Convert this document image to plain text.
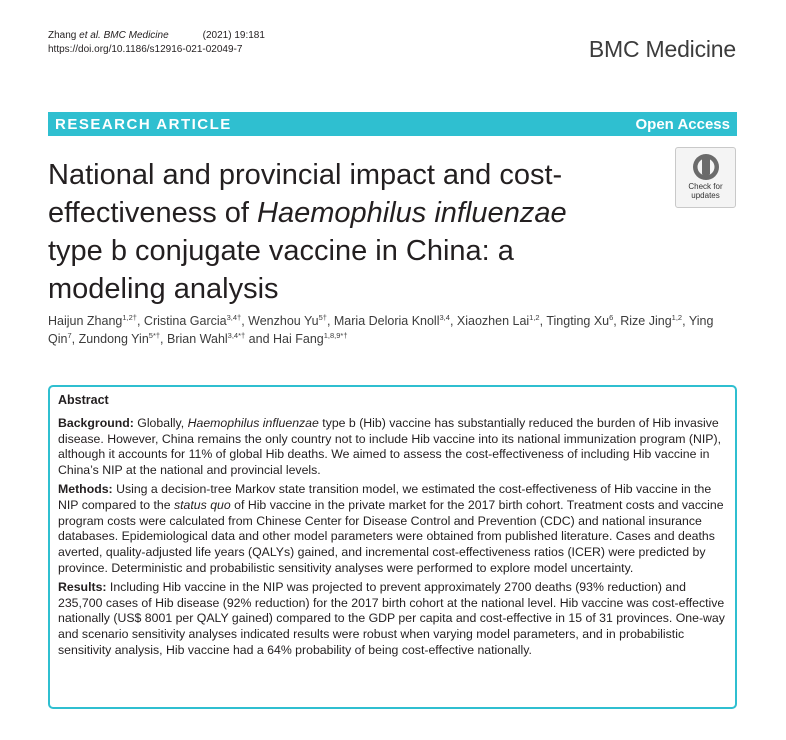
Zhang et al. BMC Medicine	(2021) 19:181
https://doi.org/10.1186/s12916-021-02049-7	BMC Medicine
RESEARCH ARTICLE	Open Access
National and provincial impact and cost-effectiveness of Haemophilus influenzae type b conjugate vaccine in China: a modeling analysis
Check for
updates
Haijun Zhang$^{1,2\dagger}$, Cristina Garcia$^{3,4\dagger}$, Wenzhou $Yu^{5\dagger}$, Maria Deloria Knoll$^{3,4}$, Xiaozhen Lai$^{1,2}$, Tingting Xu$^6$, Rize Jing$^{1,2}$, Ying Qin$^7$, Zundong Yin$^{5*\dagger}$, Brian Wahl$^{3,4*\dagger}$ and Hai Fang$^{1,8,9*\dagger}$
Abstract

Background: Globally, Haemophilus influenzae type b (Hib) vaccine has substantially reduced the burden of Hib invasive disease. However, China remains the only country not to include Hib vaccine into its national immunization program (NIP), although it accounts for 11% of global Hib deaths. We aimed to assess the cost-effectiveness of including Hib vaccine in China’s NIP at the national and provincial levels.

Methods: Using a decision-tree Markov state transition model, we estimated the cost-effectiveness of Hib vaccine in the NIP compared to the status quo of Hib vaccine in the private market for the 2017 birth cohort. Treatment costs and vaccine program costs were calculated from Chinese Center for Disease Control and Prevention (CDC) and national insurance databases. Epidemiological data and other model parameters were obtained from published literature. Cases and deaths averted, quality-adjusted life years (QALYs) gained, and incremental cost-effectiveness ratios (ICER) were predicted by province. Deterministic and probabilistic sensitivity analyses were performed to explore model uncertainty.

Results: Including Hib vaccine in the NIP was projected to prevent approximately 2700 deaths (93% reduction) and 235,700 cases of Hib disease (92% reduction) for the 2017 birth cohort at the national level. Hib vaccine was cost-effective nationally (US$ 8001 per QALY gained) compared to the GDP per capita and cost-effective in 15 of 31 provinces. One-way and scenario sensitivity analyses indicated results were robust when varying model parameters, and in probabilistic sensitivity analysis, Hib vaccine had a 64% probability of being cost-effective nationally.
